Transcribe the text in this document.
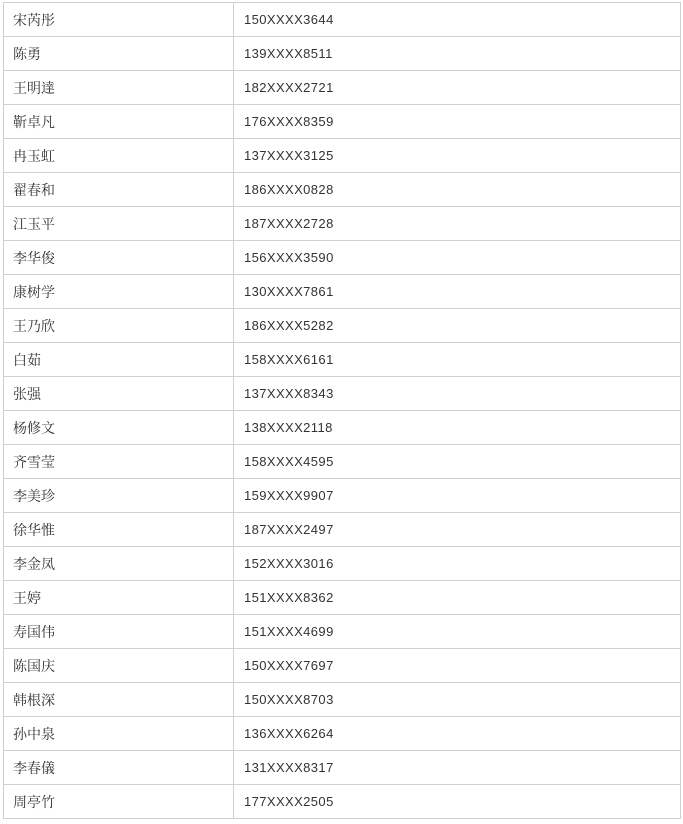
宋芮彤	150XXXX3644
陈勇	139XXXX8511
王明達	182XXXX2721
靳卓凡	176XXXX8359
冉玉虹	137XXXX3125
翟春和	186XXXX0828
江玉平	187XXXX2728
李华俊	156XXXX3590
康树学	130XXXX7861
王乃欣	186XXXX5282
白茹	158XXXX6161
张强	137XXXX8343
杨修文	138XXXX2118
齐雪莹	158XXXX4595
李美珍	159XXXX9907
徐华惟	187XXXX2497
李金凤	152XXXX3016
王婷	151XXXX8362
寿国伟	151XXXX4699
陈国庆	150XXXX7697
韩根深	150XXXX8703
孙中泉	136XXXX6264
李春儀	131XXXX8317
周亭竹	177XXXX2505
